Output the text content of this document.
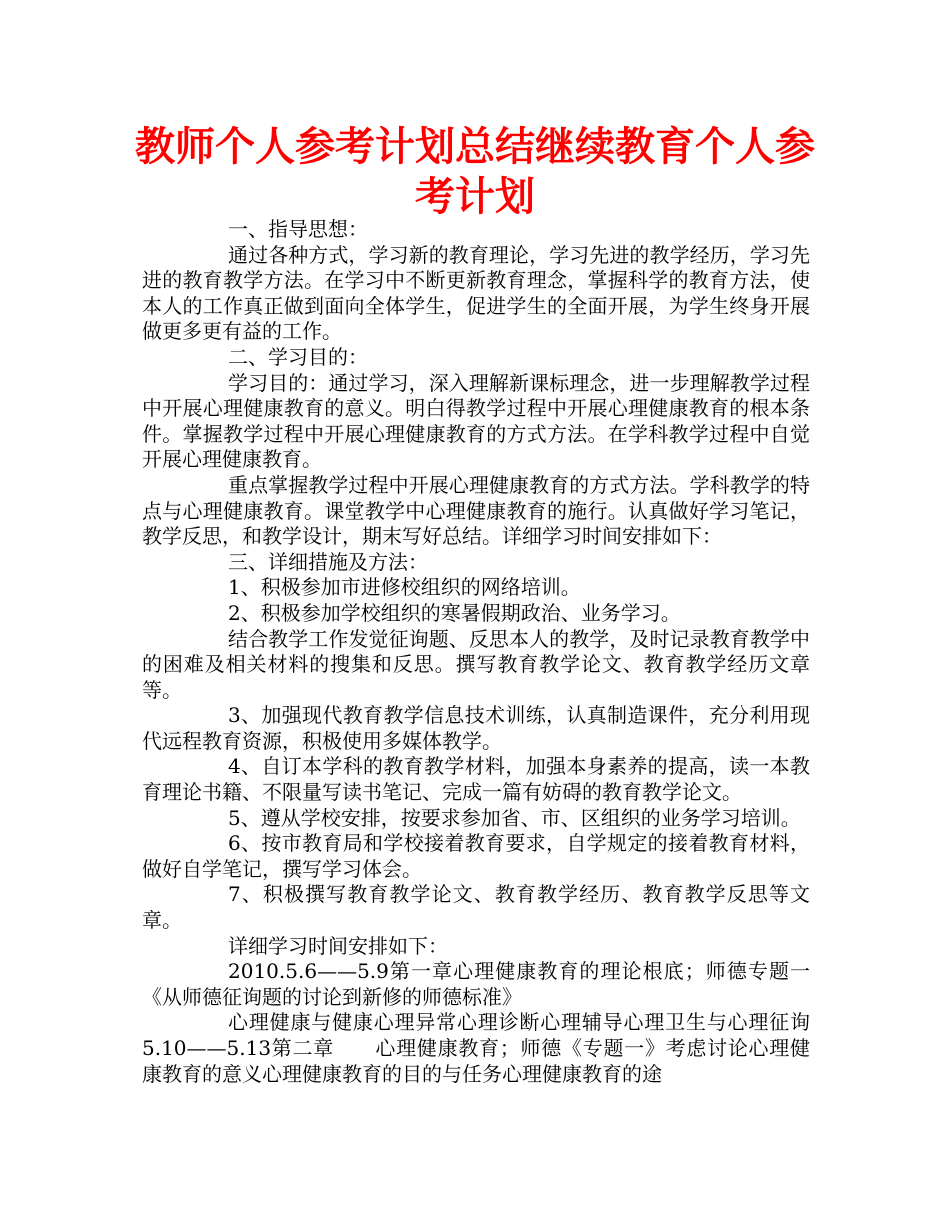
教师个人参考计划总结继续教育个人参考计划

一、指导思想：

通过各种方式，学习新的教育理论，学习先进的教学经历，学习先进的教育教学方法。在学习中不断更新教育理念，掌握科学的教育方法，使本人的工作真正做到面向全体学生，促进学生的全面开展，为学生终身开展做更多更有益的工作。

二、学习目的：

学习目的：通过学习，深入理解新课标理念，进一步理解教学过程中开展心理健康教育的意义。明白得教学过程中开展心理健康教育的根本条件。掌握教学过程中开展心理健康教育的方式方法。在学科教学过程中自觉开展心理健康教育。

重点掌握教学过程中开展心理健康教育的方式方法。学科教学的特点与心理健康教育。课堂教学中心理健康教育的施行。认真做好学习笔记，教学反思，和教学设计，期末写好总结。详细学习时间安排如下：

三、详细措施及方法：

1、积极参加市进修校组织的网络培训。

2、积极参加学校组织的寒暑假期政治、业务学习。

结合教学工作发觉征询题、反思本人的教学，及时记录教育教学中的困难及相关材料的搜集和反思。撰写教育教学论文、教育教学经历文章等。

3、加强现代教育教学信息技术训练，认真制造课件，充分利用现代远程教育资源，积极使用多媒体教学。

4、自订本学科的教育教学材料，加强本身素养的提高，读一本教育理论书籍、不限量写读书笔记、完成一篇有妨碍的教育教学论文。

5、遵从学校安排，按要求参加省、市、区组织的业务学习培训。

6、按市教育局和学校接着教育要求，自学规定的接着教育材料，做好自学笔记，撰写学习体会。

7、积极撰写教育教学论文、教育教学经历、教育教学反思等文章。

详细学习时间安排如下：

2010.5.6——5.9第一章心理健康教育的理论根底；师德专题一《从师德征询题的讨论到新修的师德标准》

心理健康与健康心理异常心理诊断心理辅导心理卫生与心理征询5.10——5.13第二章　　心理健康教育；师德《专题一》考虑讨论心理健康教育的意义心理健康教育的目的与任务心理健康教育的途
